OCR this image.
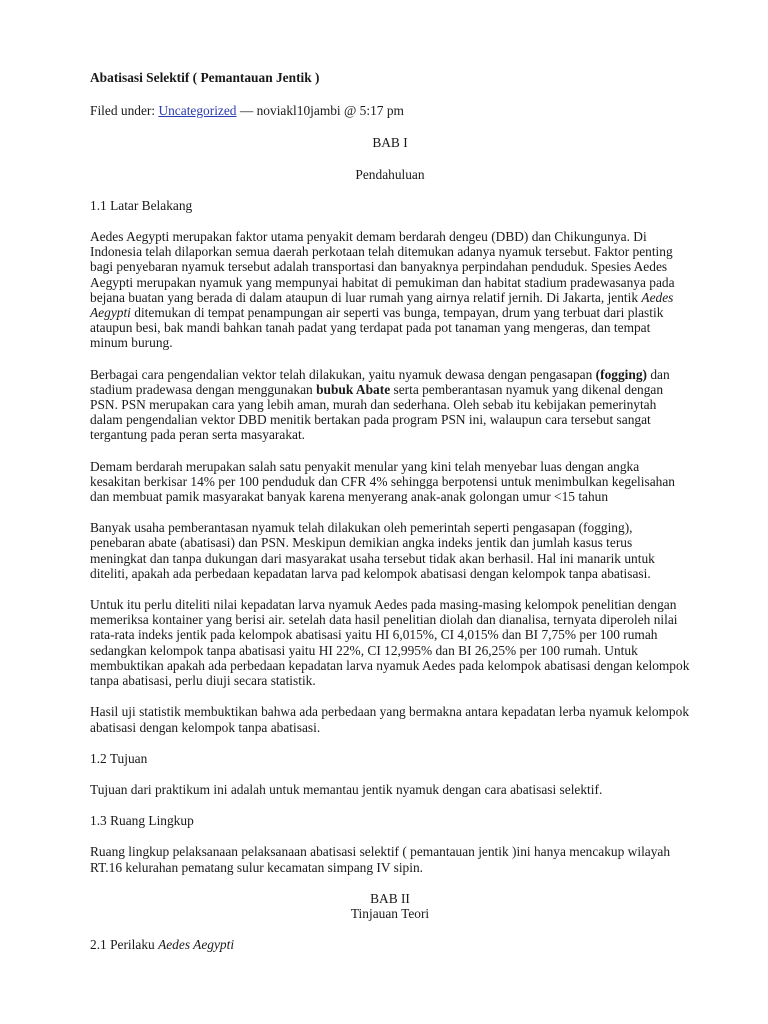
Abatisasi Selektif ( Pemantauan Jentik )

Filed under: Uncategorized — noviakl10jambi @ 5:17 pm

BAB I

Pendahuluan

1.1 Latar Belakang

Aedes Aegypti merupakan faktor utama penyakit demam berdarah dengeu (DBD) dan Chikungunya. Di Indonesia telah dilaporkan semua daerah perkotaan telah ditemukan adanya nyamuk tersebut. Faktor penting bagi penyebaran nyamuk tersebut adalah transportasi dan banyaknya perpindahan penduduk. Spesies Aedes Aegypti merupakan nyamuk yang mempunyai habitat di pemukiman dan habitat stadium pradewasanya pada bejana buatan yang berada di dalam ataupun di luar rumah yang airnya relatif jernih. Di Jakarta, jentik Aedes Aegypti ditemukan di tempat penampungan air seperti vas bunga, tempayan, drum yang terbuat dari plastik ataupun besi, bak mandi bahkan tanah padat yang terdapat pada pot tanaman yang mengeras, dan tempat minum burung.

Berbagai cara pengendalian vektor telah dilakukan, yaitu nyamuk dewasa dengan pengasapan (fogging) dan stadium pradewasa dengan menggunakan bubuk Abate serta pemberantasan nyamuk yang dikenal dengan PSN. PSN merupakan cara yang lebih aman, murah dan sederhana. Oleh sebab itu kebijakan pemerinytah dalam pengendalian vektor DBD menitik bertakan pada program PSN ini, walaupun cara tersebut sangat tergantung pada peran serta masyarakat.

Demam berdarah merupakan salah satu penyakit menular yang kini telah menyebar luas dengan angka kesakitan berkisar 14% per 100 penduduk dan CFR 4% sehingga berpotensi untuk menimbulkan kegelisahan dan membuat pamik masyarakat banyak karena menyerang anak-anak golongan umur <15 tahun

Banyak usaha pemberantasan nyamuk telah dilakukan oleh pemerintah seperti pengasapan (fogging), penebaran abate (abatisasi) dan PSN. Meskipun demikian angka indeks jentik dan jumlah kasus terus meningkat dan tanpa dukungan dari masyarakat usaha tersebut tidak akan berhasil. Hal ini manarik untuk diteliti, apakah ada perbedaan kepadatan larva pad kelompok abatisasi dengan kelompok tanpa abatisasi.

Untuk itu perlu diteliti nilai kepadatan larva nyamuk Aedes pada masing-masing kelompok penelitian dengan memeriksa kontainer yang berisi air. setelah data hasil penelitian diolah dan dianalisa, ternyata diperoleh nilai rata-rata indeks jentik pada kelompok abatisasi yaitu HI 6,015%, CI 4,015% dan BI 7,75% per 100 rumah sedangkan kelompok tanpa abatisasi yaitu HI 22%, CI 12,995% dan BI 26,25% per 100 rumah. Untuk membuktikan apakah ada perbedaan kepadatan larva nyamuk Aedes pada kelompok abatisasi dengan kelompok tanpa abatisasi, perlu diuji secara statistik.

Hasil uji statistik membuktikan bahwa ada perbedaan yang bermakna antara kepadatan lerba nyamuk kelompok abatisasi dengan kelompok tanpa abatisasi.

1.2 Tujuan

Tujuan dari praktikum ini adalah untuk memantau jentik nyamuk dengan cara abatisasi selektif.

1.3 Ruang Lingkup

Ruang lingkup pelaksanaan pelaksanaan abatisasi selektif ( pemantauan jentik )ini hanya mencakup wilayah RT.16 kelurahan pematang sulur kecamatan simpang IV sipin.

BAB II

Tinjauan Teori

2.1 Perilaku Aedes Aegypti
